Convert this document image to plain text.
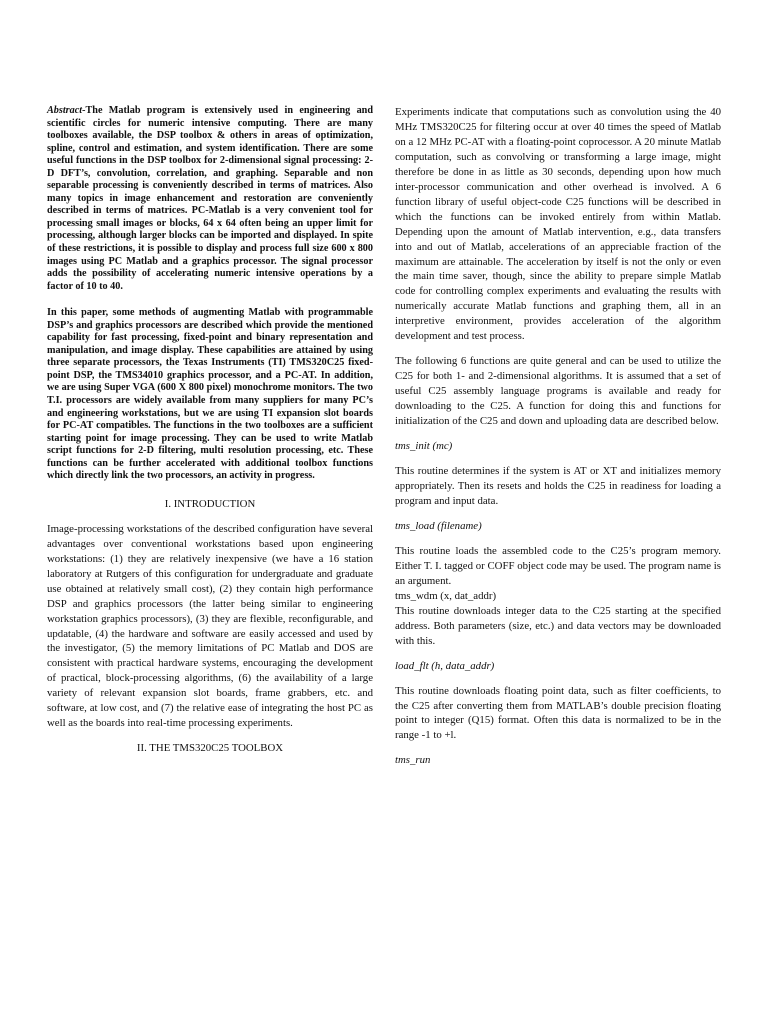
Abstract-The Matlab program is extensively used in engineering and scientific circles for numeric intensive computing. There are many toolboxes available, the DSP toolbox & others in areas of optimization, spline, control and estimation, and system identification. There are some useful functions in the DSP toolbox for 2-dimensional signal processing: 2-D DFT’s, convolution, correlation, and graphing. Separable and non separable processing is conveniently described in terms of matrices. Also many topics in image enhancement and restoration are conveniently described in terms of matrices. PC-Matlab is a very convenient tool for processing small images or blocks, 64 x 64 often being an upper limit for processing, although larger blocks can be imported and displayed. In spite of these restrictions, it is possible to display and process full size 600 x 800 images using PC Matlab and a graphics processor. The signal processor adds the possibility of accelerating numeric intensive operations by a factor of 10 to 40.

In this paper, some methods of augmenting Matlab with programmable DSP’s and graphics processors are described which provide the mentioned capability for fast processing, fixed-point and binary representation and manipulation, and image display. These capabilities are attained by using three separate processors, the Texas Instruments (TI) TMS320C25 fixed-point DSP, the TMS34010 graphics processor, and a PC-AT. In addition, we are using Super VGA (600 X 800 pixel) monochrome monitors. The two T.I. processors are widely available from many suppliers for many PC’s and engineering workstations, but we are using TI expansion slot boards for PC-AT compatibles. The functions in the two toolboxes are a sufficient starting point for image processing. They can be used to write Matlab script functions for 2-D filtering, multi resolution processing, etc. These functions can be further accelerated with additional toolbox functions which directly link the two processors, an activity in progress.

I. INTRODUCTION

Image-processing workstations of the described configuration have several advantages over conventional workstations based upon engineering workstations: (1) they are relatively inexpensive (we have a 16 station laboratory at Rutgers of this configuration for undergraduate and graduate use obtained at relatively small cost), (2) they contain high performance DSP and graphics processors (the latter being similar to engineering workstation graphics processors), (3) they are flexible, reconfigurable, and updatable, (4) the hardware and software are easily accessed and used by the investigator, (5) the memory limitations of PC Matlab and DOS are consistent with practical hardware systems, encouraging the development of practical, block-processing algorithms, (6) the availability of a large variety of relevant expansion slot boards, frame grabbers, etc. and software, at low cost, and (7) the relative ease of integrating the host PC as well as the boards into real-time processing experiments.

II. THE TMS320C25 TOOLBOX

Experiments indicate that computations such as convolution using the 40 MHz TMS320C25 for filtering occur at over 40 times the speed of Matlab on a 12 MHz PC-AT with a floating-point coprocessor. A 20 minute Matlab computation, such as convolving or transforming a large image, might therefore be done in as little as 30 seconds, depending upon how much inter-processor communication and other overhead is involved. A 6 function library of useful object-code C25 functions will be described in which the functions can be invoked entirely from within Matlab. Depending upon the amount of Matlab intervention, e.g., data transfers into and out of Matlab, accelerations of an appreciable fraction of the maximum are attainable. The acceleration by itself is not the only or even the main time saver, though, since the ability to prepare simple Matlab code for controlling complex experiments and evaluating the results with numerically accurate Matlab functions and graphing them, all in an interpretive environment, provides acceleration of the algorithm development and test process.

The following 6 functions are quite general and can be used to utilize the C25 for both 1- and 2-dimensional algorithms. It is assumed that a set of useful C25 assembly language programs is available and ready for downloading to the C25. A function for doing this and functions for initialization of the C25 and down and uploading data are described below.

tms_init (mc)

This routine determines if the system is AT or XT and initializes memory appropriately. Then its resets and holds the C25 in readiness for loading a program and input data.

tms_load (filename)

This routine loads the assembled code to the C25’s program memory. Either T. I. tagged or COFF object code may be used. The program name is an argument.

tms_wdm (x, dat_addr)

This routine downloads integer data to the C25 starting at the specified address. Both parameters (size, etc.) and data vectors may be downloaded with this.

load_flt (h, data_addr)

This routine downloads floating point data, such as filter coefficients, to the C25 after converting them from MATLAB’s double precision floating point to integer (Q15) format. Often this data is normalized to be in the range -1 to +l.

tms_run
